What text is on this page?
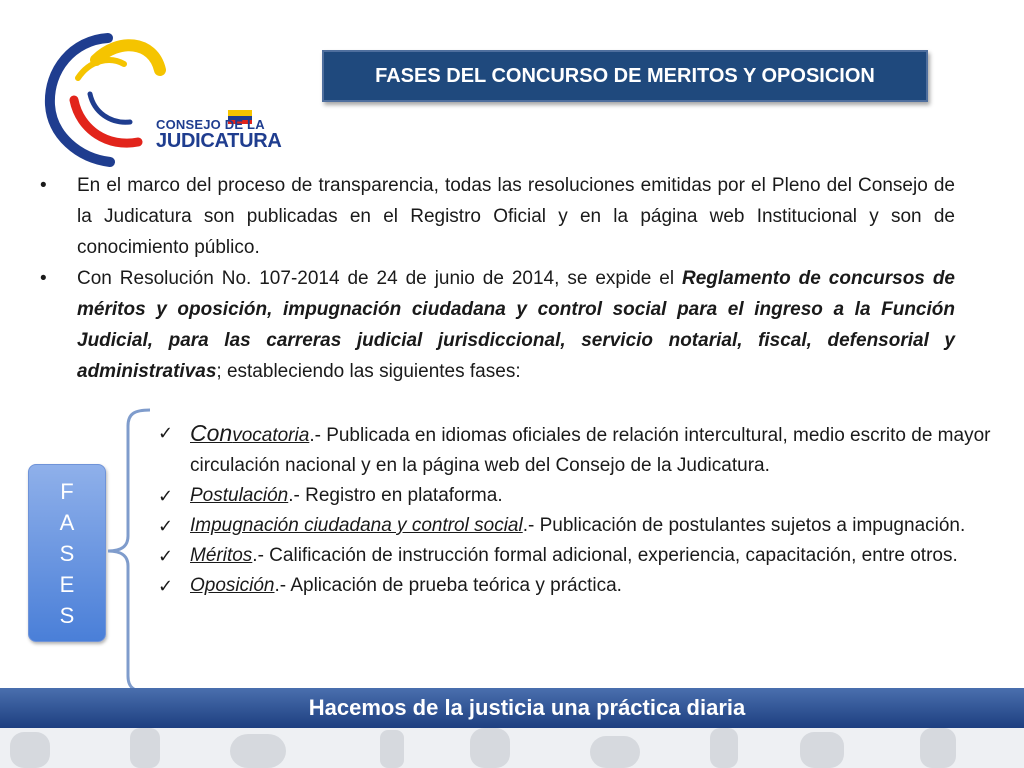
CONSEJO DE LA
JUDICATURA
FASES DEL CONCURSO DE MERITOS Y OPOSICION
• En el marco del proceso de transparencia, todas las resoluciones emitidas por el Pleno del Consejo de la Judicatura son publicadas en el Registro Oficial y en la página web Institucional y son de conocimiento público.
• Con Resolución No. 107-2014 de 24 de junio de 2014, se expide el Reglamento de concursos de méritos y oposición, impugnación ciudadana y control social para el ingreso a la Función Judicial, para las carreras judicial jurisdiccional, servicio notarial, fiscal, defensorial y administrativas; estableciendo las siguientes fases:
F
A
S
E
S
✓ Convocatoria.- Publicada en idiomas oficiales de relación intercultural, medio escrito de mayor circulación nacional y en la página web del Consejo de la Judicatura.
✓ Postulación.- Registro en plataforma.
✓ Impugnación ciudadana y control social.- Publicación de postulantes sujetos a impugnación.
✓ Méritos.- Calificación de instrucción formal adicional, experiencia, capacitación, entre otros.
✓ Oposición.- Aplicación de prueba teórica y práctica.
Hacemos de la justicia una práctica diaria
